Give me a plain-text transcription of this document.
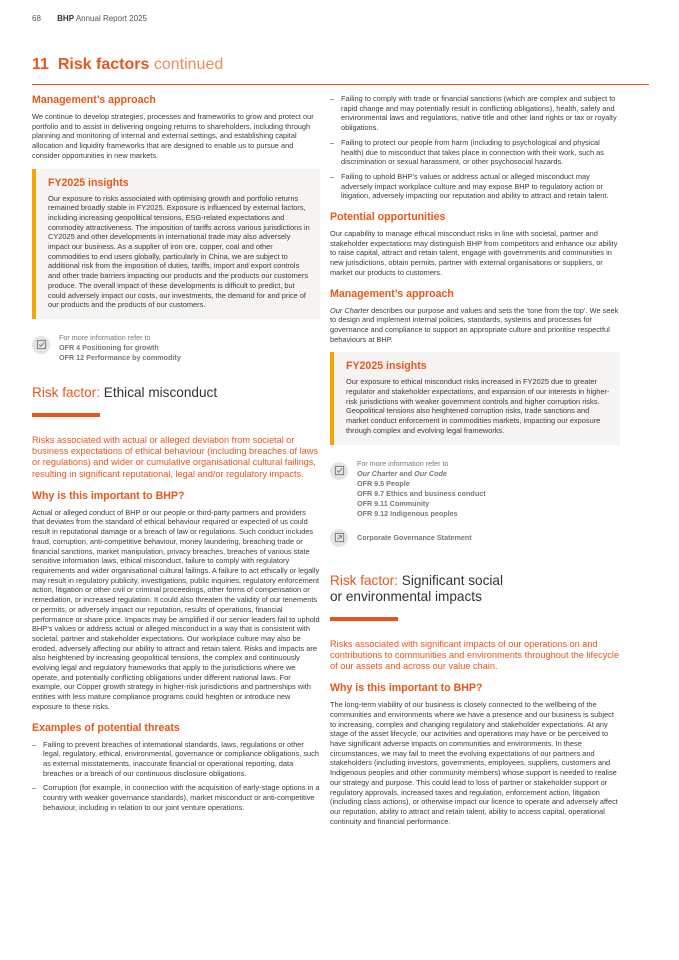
68 BHP Annual Report 2025
11 Risk factors continued
Management’s approach

We continue to develop strategies, processes and frameworks to grow and protect our portfolio and to assist in delivering ongoing returns to shareholders, including through planning and monitoring of internal and external settings, and establishing capital allocation and liquidity frameworks that are designed to enable us to pursue and consider opportunities in new markets.

FY2025 insights

Our exposure to risks associated with optimising growth and portfolio returns remained broadly stable in FY2025. Exposure is influenced by external factors, including increasing geopolitical tensions, ESG-related expectations and commodity attractiveness. The imposition of tariffs across various jurisdictions in CY2025 and other developments in international trade may also adversely impact our business. As a supplier of iron ore, copper, coal and other commodities to end users globally, particularly in China, we are subject to additional risk from the imposition of duties, tariffs, import and export controls and other trade barriers impacting our products and the products our customers produce. The overall impact of these developments is difficult to predict, but could adversely impact our costs, our investments, the demand for and price of our products and the products of our customers.

For more information refer to
OFR 4 Positioning for growth
OFR 12 Performance by commodity
Risk factor: Ethical misconduct

Risks associated with actual or alleged deviation from societal or business expectations of ethical behaviour (including breaches of laws or regulations) and wider or cumulative organisational cultural failings, resulting in significant reputational, legal and/or regulatory impacts.

Why is this important to BHP?

Actual or alleged conduct of BHP or our people or third-party partners and providers that deviates from the standard of ethical behaviour required or expected of us could result in reputational damage or a breach of law or regulations. Such conduct includes fraud, corruption, anti-competitive behaviour, money laundering, breaching trade or financial sanctions, market manipulation, privacy breaches, breaches of various state sensitive information laws, ethical misconduct, failure to comply with regulatory requirements and wider organisational cultural failings. A failure to act ethically or legally may result in regulatory publicity, investigations, public inquiries, regulatory enforcement action, litigation or other civil or criminal proceedings, other forms of compensation or remediation, or increased regulation. It could also threaten the validity of our tenements or permits, or adversely impact our reputation, results of operations, financial performance or share price. Impacts may be amplified if our senior leaders fail to uphold BHP’s values or address actual or alleged misconduct in a way that is consistent with societal, partner and stakeholder expectations. Our workplace culture may also be eroded, adversely affecting our ability to attract and retain talent. Risks and impacts are also heightened by increasing geopolitical tensions, the complex and continuously evolving legal and regulatory frameworks that apply to the jurisdictions where we operate, and potentially conflicting obligations under different national laws. For example, our Copper growth strategy in higher-risk jurisdictions and partnerships with entities with less mature compliance programs could heighten or introduce new exposure to these risks.

Examples of potential threats
– Failing to prevent breaches of international standards, laws, regulations or other legal, regulatory, ethical, environmental, governance or compliance obligations, such as external misstatements, inaccurate financial or operational reporting, data breaches or a breach of our continuous disclosure obligations.
– Corruption (for example, in connection with the acquisition of early-stage options in a country with weaker governance standards), market misconduct or anti-competitive behaviour, including in relation to our joint venture operations.
– Failing to comply with trade or financial sanctions (which are complex and subject to rapid change and may potentially result in conflicting obligations), health, safety and environmental laws and regulations, native title and other land rights or tax or royalty obligations.
– Failing to protect our people from harm (including to psychological and physical health) due to misconduct that takes place in connection with their work, such as discrimination or sexual harassment, or other psychosocial hazards.
– Failing to uphold BHP’s values or address actual or alleged misconduct may adversely impact workplace culture and may expose BHP to regulatory action or litigation, adversely impacting our reputation and ability to attract and retain talent.
Potential opportunities

Our capability to manage ethical misconduct risks in line with societal, partner and stakeholder expectations may distinguish BHP from competitors and enhance our ability to raise capital, attract and retain talent, engage with governments and communities in new jurisdictions, obtain permits, partner with external organisations or suppliers, or market our products to customers.

Management’s approach

Our Charter describes our purpose and values and sets the ‘tone from the top’. We seek to design and implement internal policies, standards, systems and processes for governance and compliance to support an appropriate culture and prioritise respectful behaviours at BHP.

FY2025 insights

Our exposure to ethical misconduct risks increased in FY2025 due to greater regulator and stakeholder expectations, and expansion of our interests in higher-risk jurisdictions with weaker government controls and higher corruption risks. Geopolitical tensions also heightened corruption risks, trade sanctions and market conduct enforcement in commodities markets, impacting our exposure through complex and evolving legal frameworks.

For more information refer to
Our Charter and Our Code
OFR 9.5 People
OFR 9.7 Ethics and business conduct
OFR 9.11 Community
OFR 9.12 Indigenous peoples
Corporate Governance Statement
Risk factor: Significant social
or environmental impacts

Risks associated with significant impacts of our operations on and contributions to communities and environments throughout the lifecycle of our assets and across our value chain.

Why is this important to BHP?

The long-term viability of our business is closely connected to the wellbeing of the communities and environments where we have a presence and our business is subject to increasing, complex and changing regulatory and stakeholder expectations. At any stage of the asset lifecycle, our activities and operations may have or be perceived to have significant adverse impacts on communities and environments. In these circumstances, we may fail to meet the evolving expectations of our partners and stakeholders (including investors, governments, employees, suppliers, customers and Indigenous peoples and other community members) whose support is needed to realise our strategy and purpose. This could lead to loss of partner or stakeholder support or regulatory approvals, increased taxes and regulation, enforcement action, litigation (including class actions), or otherwise impact our licence to operate and adversely affect our reputation, ability to attract and retain talent, ability to access capital, operational continuity and financial performance.
